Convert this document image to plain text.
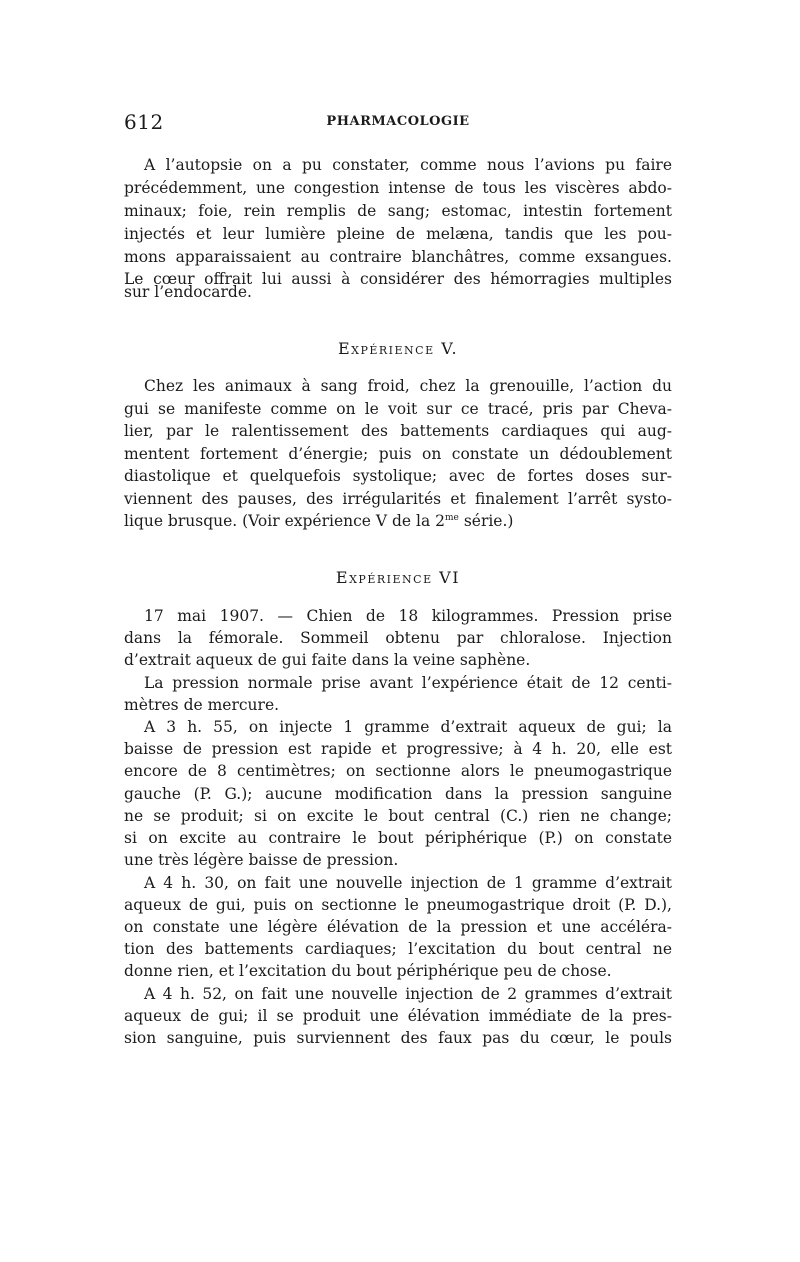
612	PHARMACOLOGIE
A l’autopsie on a pu constater, comme nous l’avions pu faire
précédemment, une congestion intense de tous les viscères abdo-
minaux; foie, rein remplis de sang; estomac, intestin fortement
injectés et leur lumière pleine de melæna, tandis que les pou-
mons apparaissaient au contraire blanchâtres, comme exsangues.
Le cœur offrait lui aussi à considérer des hémorragies multiples
sur l’endocarde.
Expérience V.
Chez les animaux à sang froid, chez la grenouille, l’action du
gui se manifeste comme on le voit sur ce tracé, pris par Cheva-
lier, par le ralentissement des battements cardiaques qui aug-
mentent fortement d’énergie; puis on constate un dédoublement
diastolique et quelquefois systolique; avec de fortes doses sur-
viennent des pauses, des irrégularités et finalement l’arrêt systo-
lique brusque. (Voir expérience V de la $2^{me}$ série.)
Expérience VI
17 mai 1907. — Chien de 18 kilogrammes. Pression prise
dans la fémorale. Sommeil obtenu par chloralose. Injection
d’extrait aqueux de gui faite dans la veine saphène.
La pression normale prise avant l’expérience était de 12 centi-
mètres de mercure.
A 3 h. 55, on injecte 1 gramme d’extrait aqueux de gui; la
baisse de pression est rapide et progressive; à 4 h. 20, elle est
encore de 8 centimètres; on sectionne alors le pneumogastrique
gauche (P. G.); aucune modification dans la pression sanguine
ne se produit; si on excite le bout central (C.) rien ne change;
si on excite au contraire le bout périphérique (P.) on constate
une très légère baisse de pression.
A 4 h. 30, on fait une nouvelle injection de 1 gramme d’extrait
aqueux de gui, puis on sectionne le pneumogastrique droit (P. D.),
on constate une légère élévation de la pression et une accéléra-
tion des battements cardiaques; l’excitation du bout central ne
donne rien, et l’excitation du bout périphérique peu de chose.
A 4 h. 52, on fait une nouvelle injection de 2 grammes d’extrait
aqueux de gui; il se produit une élévation immédiate de la pres-
sion sanguine, puis surviennent des faux pas du cœur, le pouls
